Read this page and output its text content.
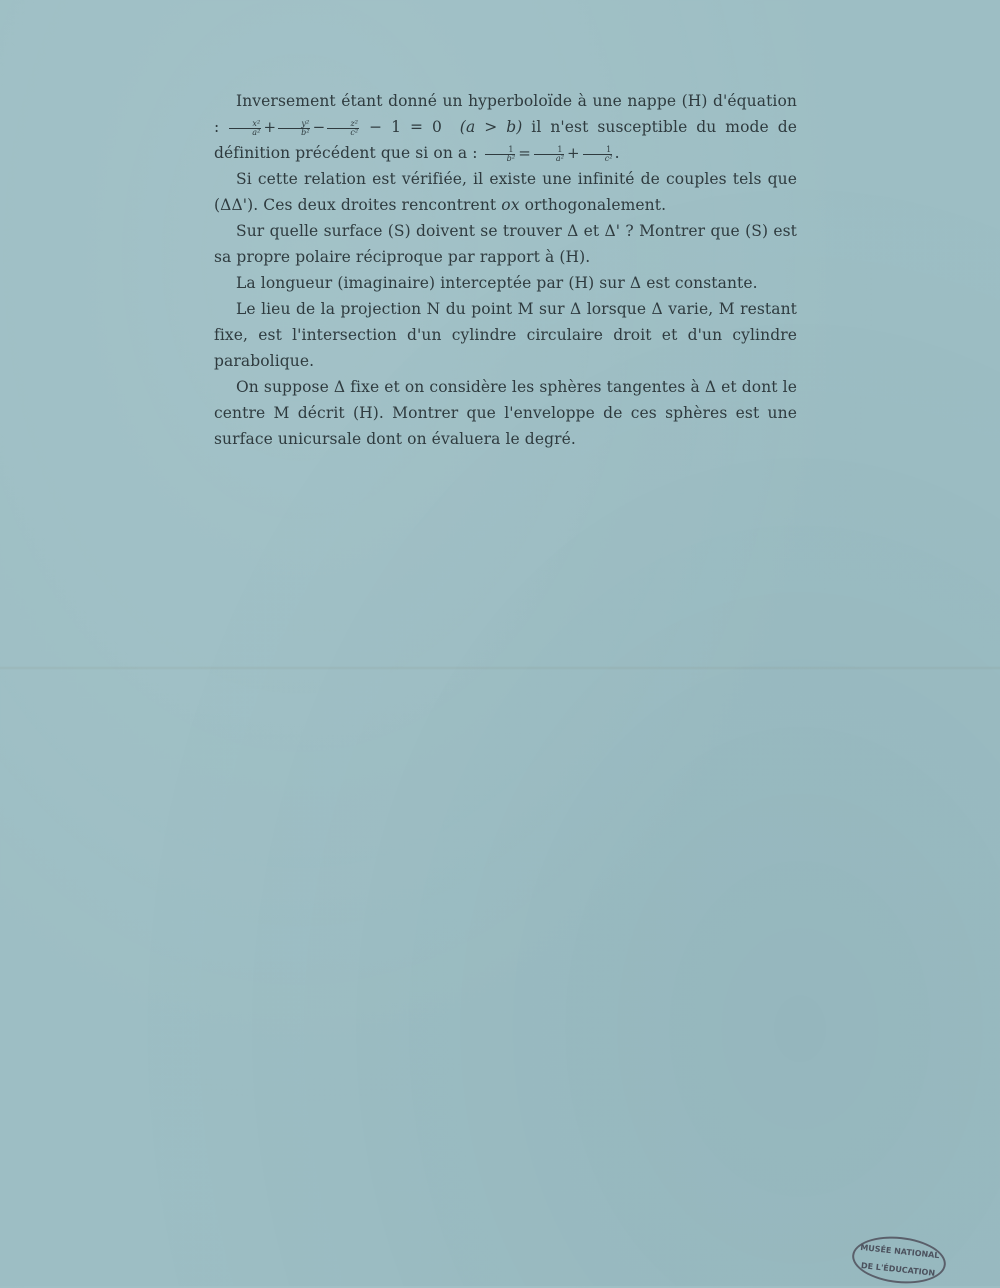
Inversement étant donné un hyperboloïde à une nappe (H) d'équation : $\frac{\text{x²}}{\text{a²}} + \frac{\text{y²}}{\text{b²}} - \frac{\text{z²}}{\text{c²}} - 1 = 0$ (a > b) il n'est susceptible du mode de définition précédent que si on a : $\frac{1}{\text{b²}} = \frac{1}{\text{a²}} + \frac{1}{\text{c²}}$ .

Si cette relation est vérifiée, il existe une infinité de couples tels que (ΔΔ'). Ces deux droites rencontrent ox orthogonalement.

Sur quelle surface (S) doivent se trouver Δ et Δ' ? Montrer que (S) est sa propre polaire réciproque par rapport à (H).

La longueur (imaginaire) interceptée par (H) sur Δ est constante.

Le lieu de la projection N du point M sur Δ lorsque Δ varie, M restant fixe, est l'intersection d'un cylindre circulaire droit et d'un cylindre parabolique.

On suppose Δ fixe et on considère les sphères tangentes à Δ et dont le centre M décrit (H). Montrer que l'enveloppe de ces sphères est une surface unicursale dont on évaluera le degré.

MUSÉE NATIONAL
DE L'ÉDUCATION
